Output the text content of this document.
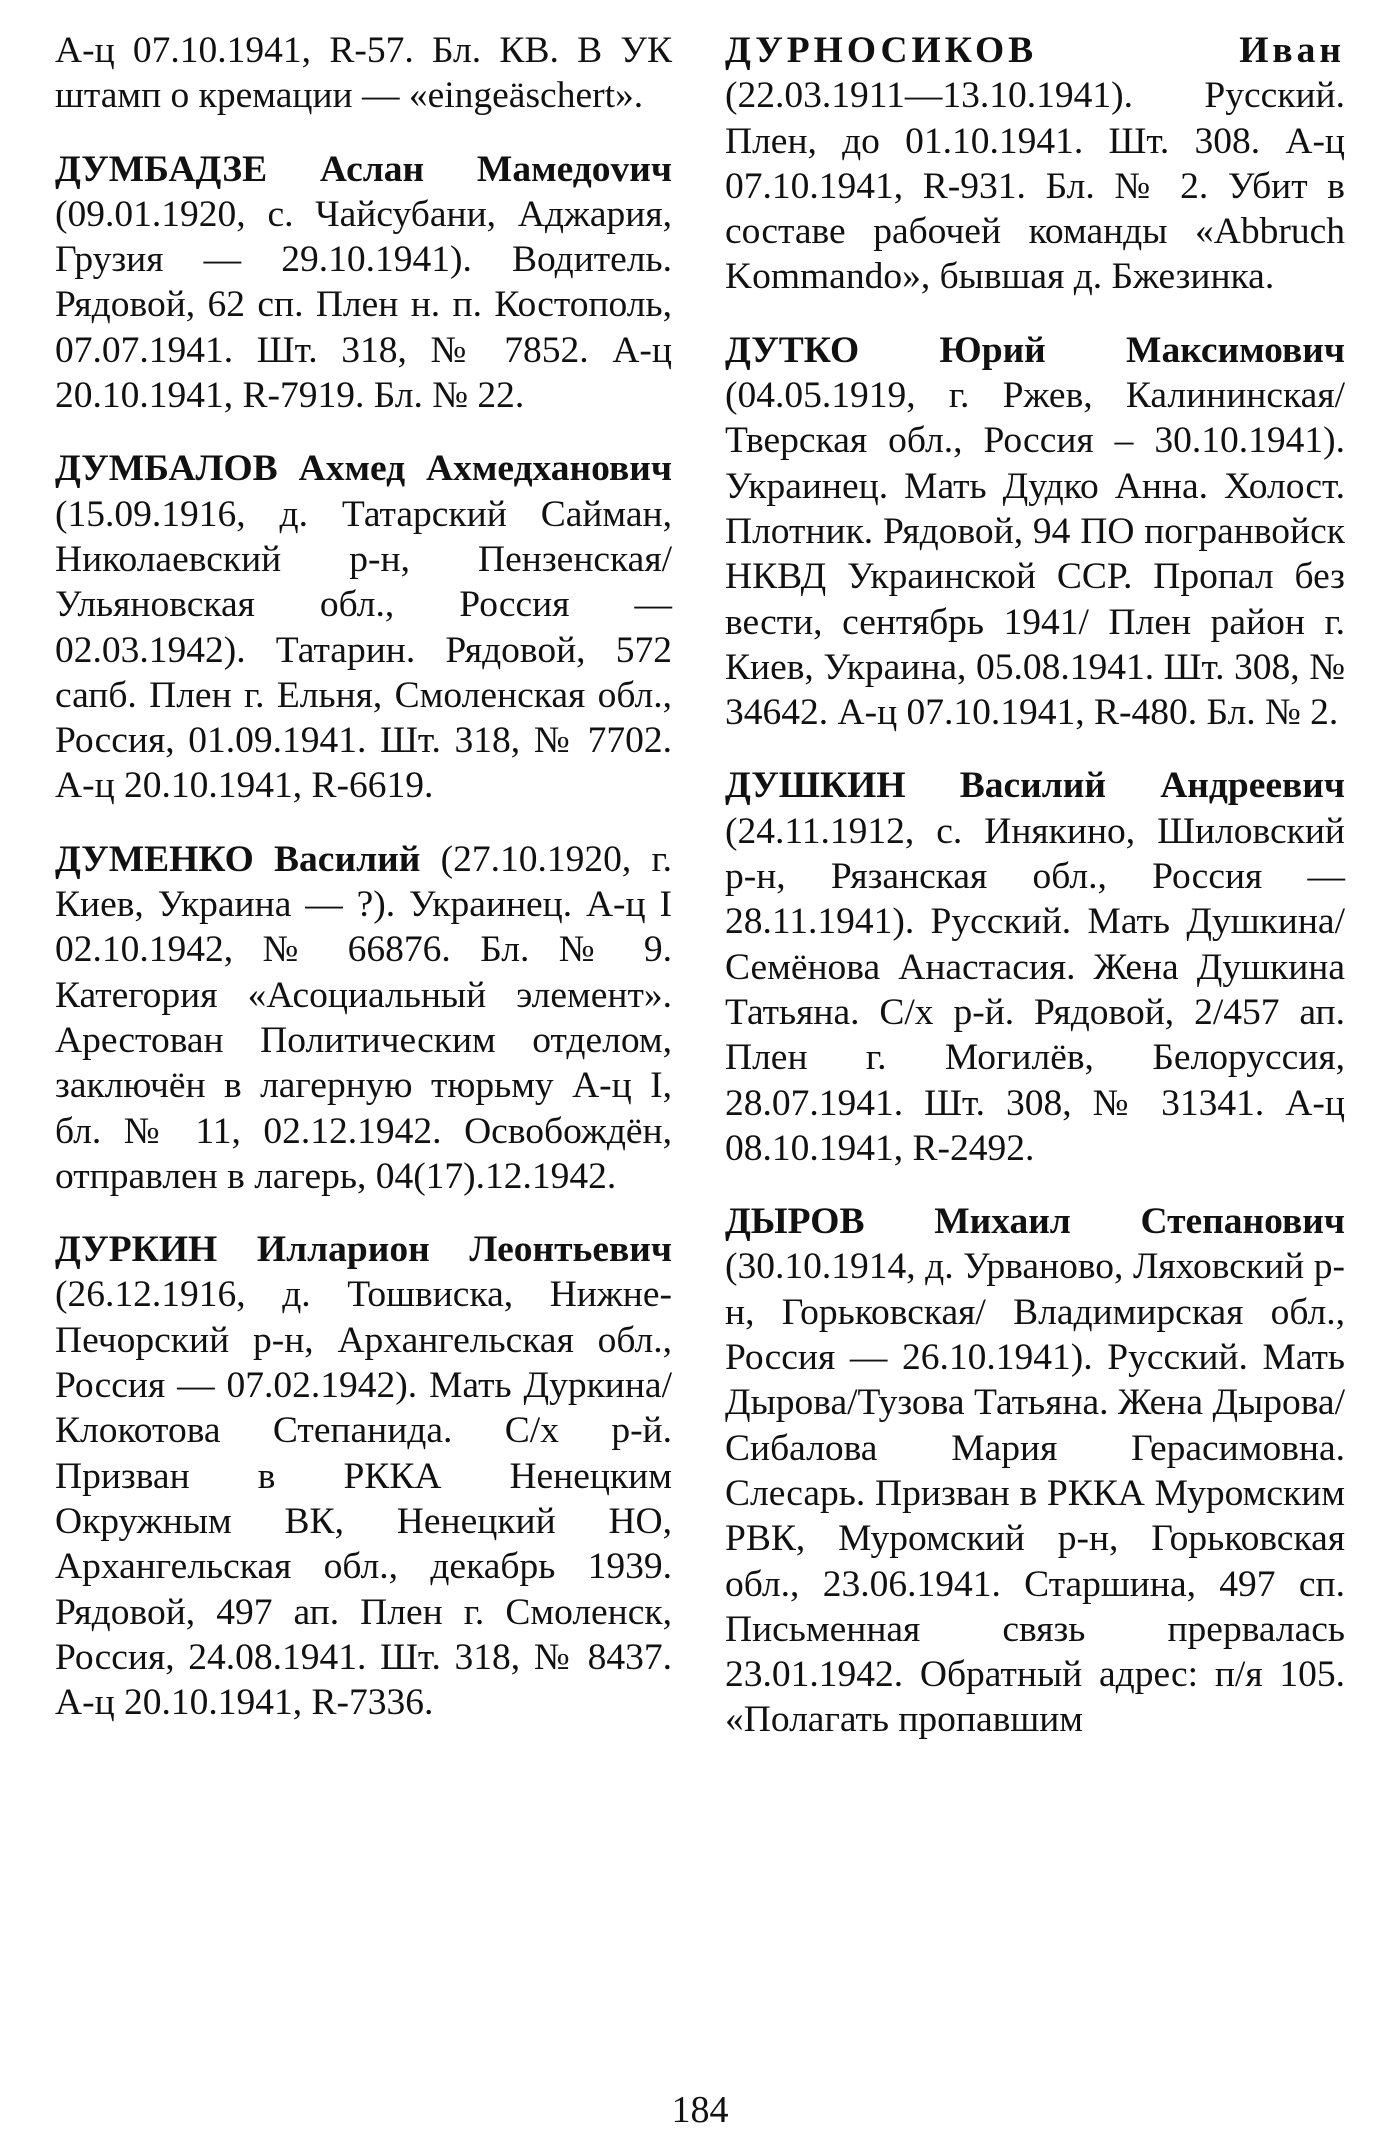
А-ц 07.10.1941, R-57. Бл. КВ. В УК штамп о кремации — «eingeäschert».

ДУМБАДЗЕ Аслан Мамедоvич (09.01.1920, с. Чайсубани, Аджария, Грузия — 29.10.1941). Водитель. Рядовой, 62 сп. Плен н. п. Костополь, 07.07.1941. Шт. 318, № 7852. А-ц 20.10.1941, R-7919. Бл. № 22.

ДУМБАЛОВ Ахмед Ахмедханович (15.09.1916, д. Татарский Сайман, Николаевский р-н, Пензенская/Ульяновская обл., Россия — 02.03.1942). Татарин. Рядовой, 572 сапб. Плен г. Ельня, Смоленская обл., Россия, 01.09.1941. Шт. 318, № 7702. А-ц 20.10.1941, R-6619.

ДУМЕНКО Василий (27.10.1920, г. Киев, Украина — ?). Украинец. А-ц I 02.10.1942, № 66876. Бл. № 9. Категория «Асоциальный элемент». Арестован Политическим отделом, заключён в лагерную тюрьму А-ц I, бл. № 11, 02.12.1942. Освобождён, отправлен в лагерь, 04(17).12.1942.

ДУРКИН Илларион Леонтьевич (26.12.1916, д. Тошвиска, Нижне-Печорский р-н, Архангельская обл., Россия — 07.02.1942). Мать Дуркина/ Клокотова Степанида. С/х р-й. Призван в РККА Ненецким Окружным ВК, Ненецкий НО, Архангельская обл., декабрь 1939. Рядовой, 497 ап. Плен г. Смоленск, Россия, 24.08.1941. Шт. 318, № 8437. А-ц 20.10.1941, R-7336.

ДУРНОСИКОВ Иван (22.03.1911—13.10.1941). Русский. Плен, до 01.10.1941. Шт. 308. А-ц 07.10.1941, R-931. Бл. № 2. Убит в составе рабочей команды «Abbruch Kommando», бывшая д. Бжезинка.

ДУТКО Юрий Максимович (04.05.1919, г. Ржев, Калининская/Тверская обл., Россия – 30.10.1941). Украинец. Мать Дудко Анна. Холост. Плотник. Рядовой, 94 ПО погранвойск НКВД Украинской ССР. Пропал без вести, сентябрь 1941/ Плен район г. Киев, Украина, 05.08.1941. Шт. 308, № 34642. А-ц 07.10.1941, R-480. Бл. № 2.

ДУШКИН Василий Андреевич (24.11.1912, с. Инякино, Шиловский р-н, Рязанская обл., Россия — 28.11.1941). Русский. Мать Душкина/Семёнова Анастасия. Жена Душкина Татьяна. С/х р-й. Рядовой, 2/457 ап. Плен г. Могилёв, Белоруссия, 28.07.1941. Шт. 308, № 31341. А-ц 08.10.1941, R-2492.

ДЫРОВ Михаил Степанович (30.10.1914, д. Урваново, Ляховский р-н, Горьковская/ Владимирская обл., Россия — 26.10.1941). Русский. Мать Дырова/Тузова Татьяна. Жена Дырова/Сибалова Мария Герасимовна. Слесарь. Призван в РККА Муромским РВК, Муромский р-н, Горьковская обл., 23.06.1941. Старшина, 497 сп. Письменная связь прервалась 23.01.1942. Обратный адрес: п/я 105. «Полагать пропавшим

184
